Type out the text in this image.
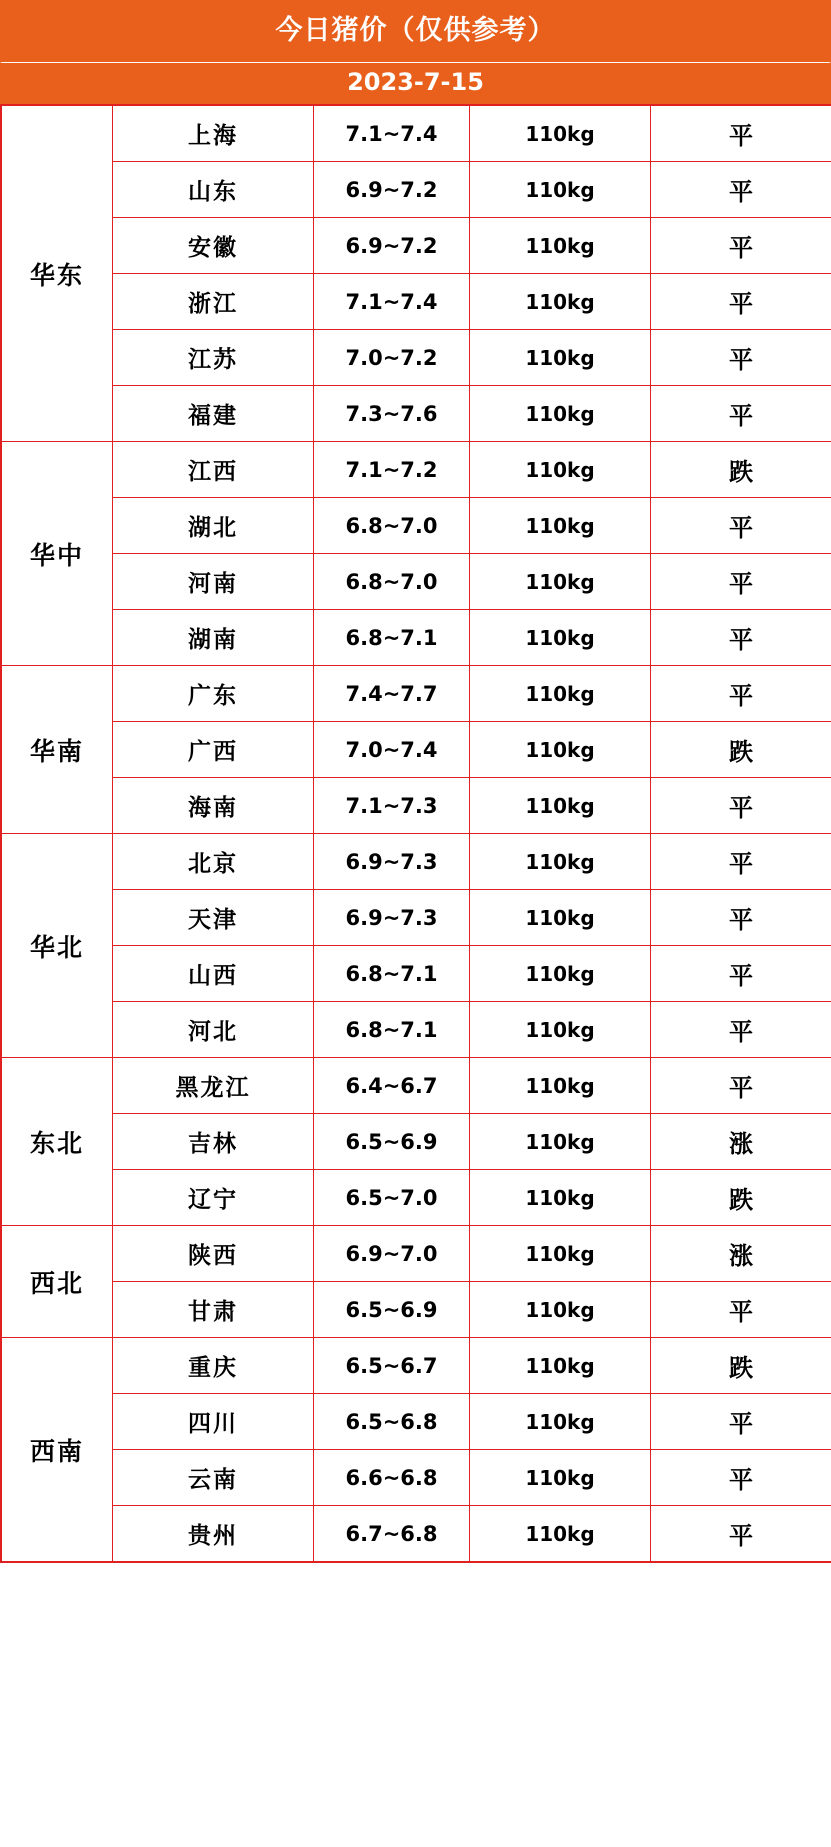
今日猪价（仅供参考）
2023-7-15
华东	上海	7.1~7.4	110kg	平
	山东	6.9~7.2	110kg	平
	安徽	6.9~7.2	110kg	平
	浙江	7.1~7.4	110kg	平
	江苏	7.0~7.2	110kg	平
	福建	7.3~7.6	110kg	平
华中	江西	7.1~7.2	110kg	跌
	湖北	6.8~7.0	110kg	平
	河南	6.8~7.0	110kg	平
	湖南	6.8~7.1	110kg	平
华南	广东	7.4~7.7	110kg	平
	广西	7.0~7.4	110kg	跌
	海南	7.1~7.3	110kg	平
华北	北京	6.9~7.3	110kg	平
	天津	6.9~7.3	110kg	平
	山西	6.8~7.1	110kg	平
	河北	6.8~7.1	110kg	平
东北	黑龙江	6.4~6.7	110kg	平
	吉林	6.5~6.9	110kg	涨
	辽宁	6.5~7.0	110kg	跌
西北	陕西	6.9~7.0	110kg	涨
	甘肃	6.5~6.9	110kg	平
西南	重庆	6.5~6.7	110kg	跌
	四川	6.5~6.8	110kg	平
	云南	6.6~6.8	110kg	平
	贵州	6.7~6.8	110kg	平
